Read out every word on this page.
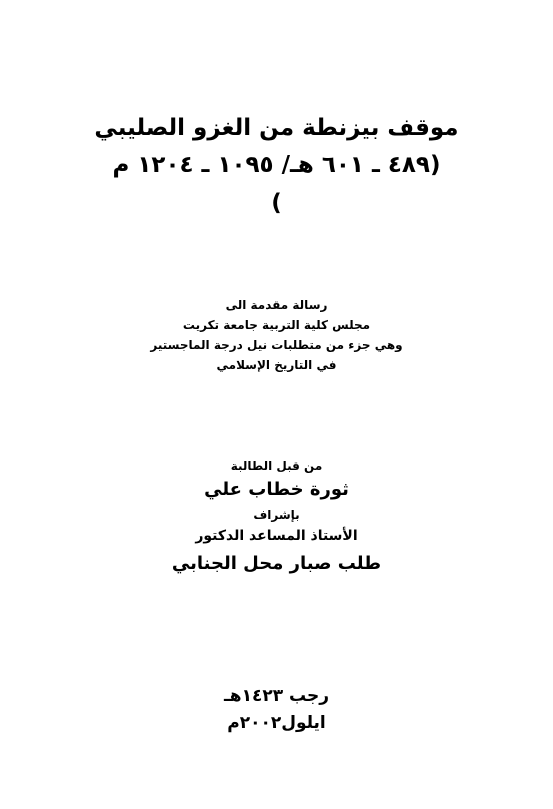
موقف بيزنطة من الغزو الصليبي
(٤٨٩ ـ ٦٠١ هـ/ ١٠٩٥ ـ ١٢٠٤ م
)
رسالة مقدمة الى
مجلس كلية التربية جامعة تكريت
وهي جزء من متطلبات نيل درجة الماجستير
في التاريخ الإسلامي
من قبل الطالبة
ثورة خطاب علي
بإشراف
الأستاذ المساعد الدكتور
طلب صبار محل الجنابي
رجب ١٤٢٣هـ
ايلول٢٠٠٢م
